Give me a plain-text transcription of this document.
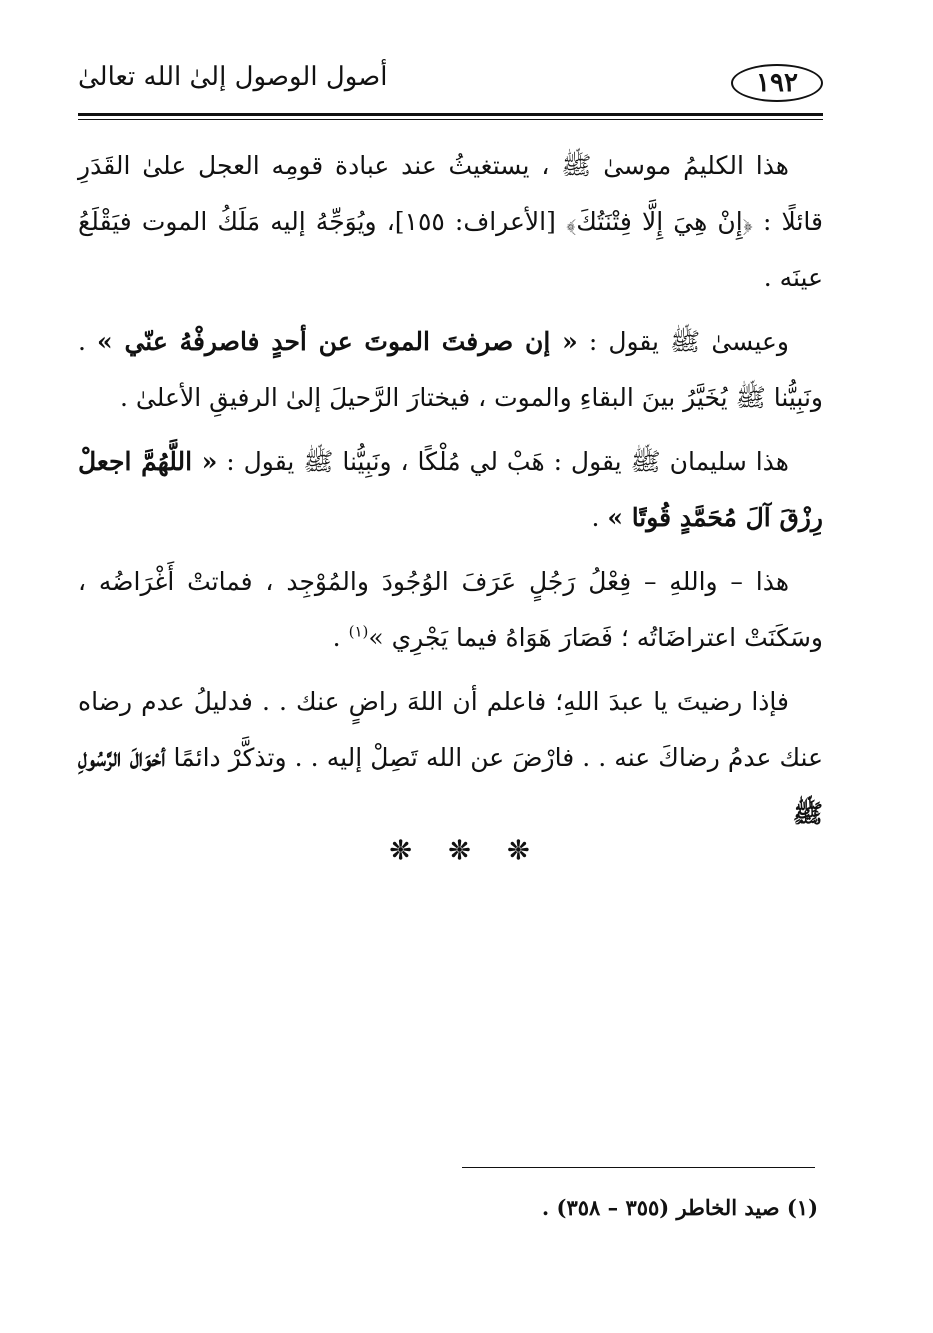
١٩٢
أصول الوصول إلىٰ الله تعالىٰ

هذا الكليمُ موسىٰ ﷺ ، يستغيثُ عند عبادة قومِه العجل علىٰ القَدَرِ قائلًا : ﴿إِنْ هِيَ إِلَّا فِتْنَتُكَ﴾ [الأعراف: ١٥٥]، ويُوَجِّهُ إليه مَلَكُ الموت فيَقْلَعُ عينَه .

وعيسىٰ ﷺ يقول : « إن صرفتَ الموتَ عن أحدٍ فاصرفْهُ عنّي » . ونَبِيُّنا ﷺ يُخَيَّرُ بينَ البقاءِ والموت ، فيختارَ الرَّحيلَ إلىٰ الرفيقِ الأعلىٰ .

هذا سليمان ﷺ يقول : هَبْ لي مُلْكًا ، ونَبِيُّنا ﷺ يقول : « اللَّهُمَّ اجعلْ رِزْقَ آلَ مُحَمَّدٍ قُوتًا » .

هذا – واللهِ – فِعْلُ رَجُلٍ عَرَفَ الوُجُودَ والمُوْجِد ، فماتتْ أَغْرَاضُه ، وسَكَنَتْ اعتراضَاتُه ؛ فَصَارَ هَوَاهُ فيما يَجْرِي »$^{(١)}$ .

فإذا رضيتَ يا عبدَ اللهِ؛ فاعلم أن اللهَ راضٍ عنك . . فدليلُ عدم رضاه عنك عدمُ رضاكَ عنه . . فارْضَ عن الله تَصِلْ إليه . . وتذكَّرْ دائمًا أحْوَالَ الرَّسُولِ ﷺ

❊ ❊ ❊
(١) صيد الخاطر (٣٥٥ – ٣٥٨) .
